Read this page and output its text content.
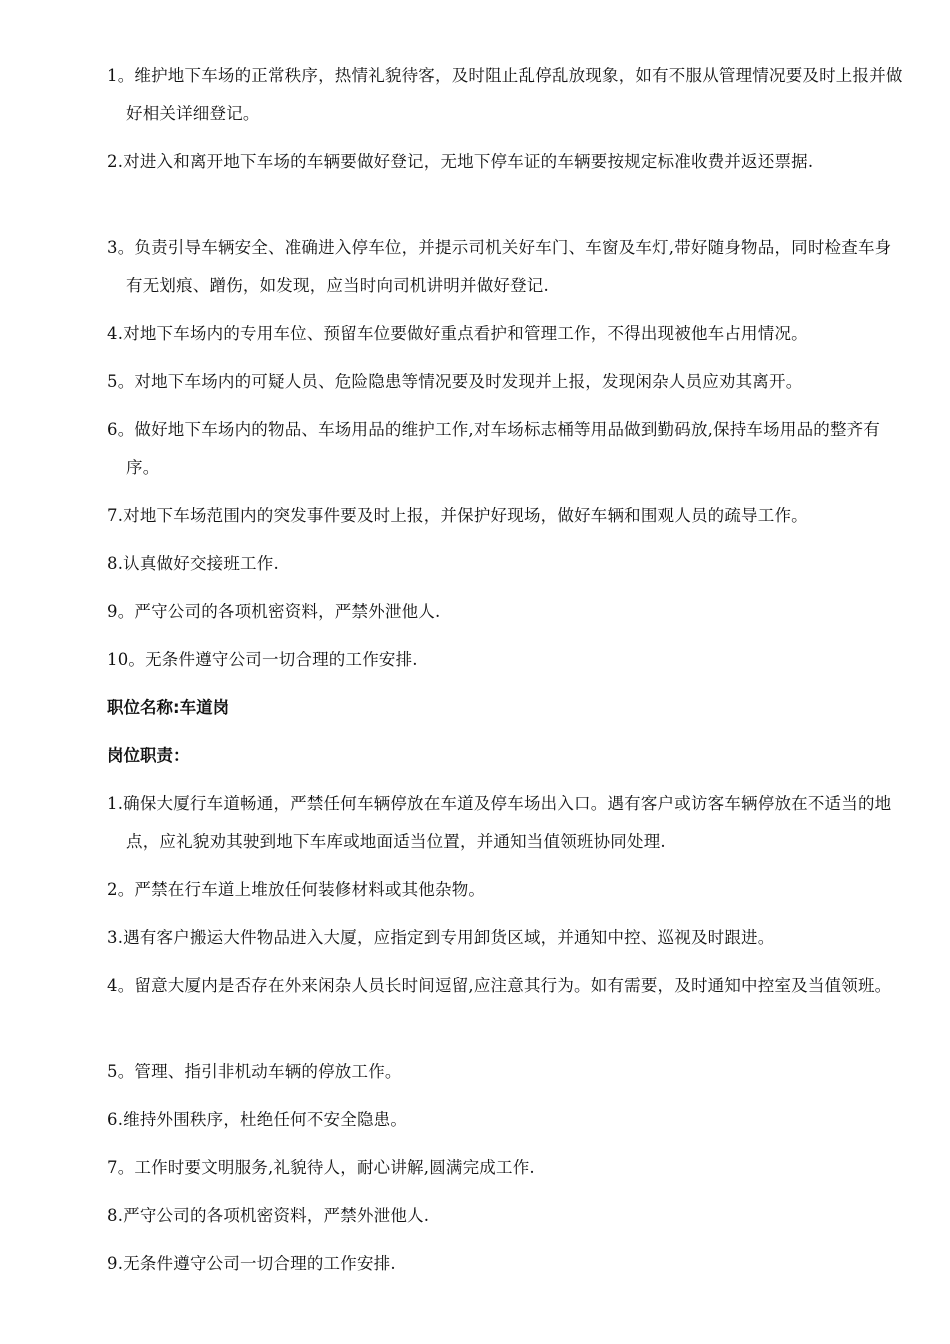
1。维护地下车场的正常秩序，热情礼貌待客，及时阻止乱停乱放现象，如有不服从管理情况要及时上报并做好相关详细登记。
2.对进入和离开地下车场的车辆要做好登记，无地下停车证的车辆要按规定标准收费并返还票据.
3。负责引导车辆安全、准确进入停车位，并提示司机关好车门、车窗及车灯,带好随身物品，同时检查车身有无划痕、蹭伤，如发现，应当时向司机讲明并做好登记.
4.对地下车场内的专用车位、预留车位要做好重点看护和管理工作，不得出现被他车占用情况。
5。对地下车场内的可疑人员、危险隐患等情况要及时发现并上报，发现闲杂人员应劝其离开。
6。做好地下车场内的物品、车场用品的维护工作,对车场标志桶等用品做到勤码放,保持车场用品的整齐有序。
7.对地下车场范围内的突发事件要及时上报，并保护好现场，做好车辆和围观人员的疏导工作。
8.认真做好交接班工作.
9。严守公司的各项机密资料，严禁外泄他人.
10。无条件遵守公司一切合理的工作安排.
职位名称:车道岗
岗位职责：
1.确保大厦行车道畅通，严禁任何车辆停放在车道及停车场出入口。遇有客户或访客车辆停放在不适当的地点，应礼貌劝其驶到地下车库或地面适当位置，并通知当值领班协同处理.
2。严禁在行车道上堆放任何装修材料或其他杂物。
3.遇有客户搬运大件物品进入大厦，应指定到专用卸货区域，并通知中控、巡视及时跟进。
4。留意大厦内是否存在外来闲杂人员长时间逗留,应注意其行为。如有需要，及时通知中控室及当值领班。
5。管理、指引非机动车辆的停放工作。
6.维持外围秩序，杜绝任何不安全隐患。
7。工作时要文明服务,礼貌待人，耐心讲解,圆满完成工作.
8.严守公司的各项机密资料，严禁外泄他人.
9.无条件遵守公司一切合理的工作安排.
